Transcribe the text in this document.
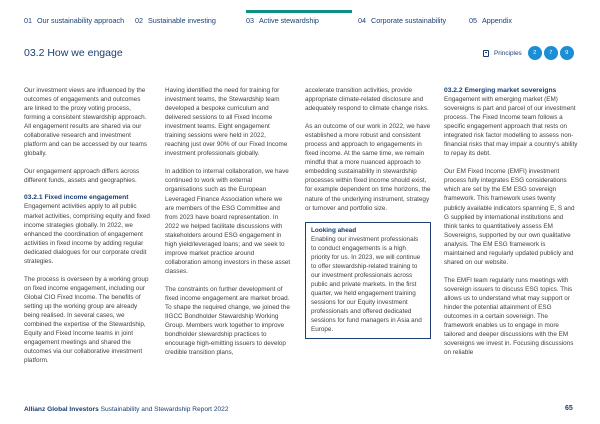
01 Our sustainability approach 02 Sustainable investing	03 Active stewardship	04 Corporate sustainability	05 Appendix
03.2 How we engage	Principles	2	7	9

Our investment views are influenced by the outcomes of engagements and outcomes are linked to the proxy voting process, forming a consistent stewardship approach. All engagement results are shared via our collaborative research and investment platform and can be accessed by our teams globally.

Our engagement approach differs across different funds, assets and geographies.

03.2.1 Fixed income engagement

Engagement activities apply to all public market activities, comprising equity and fixed income strategies globally. In 2022, we enhanced the coordination of engagement activities in fixed income by adding regular dedicated dialogues for our corporate credit strategies.

The process is overseen by a working group on fixed income engagement, including our Global CIO Fixed Income. The benefits of setting up the working group are already being realised. In several cases, we combined the expertise of the Stewardship, Equity and Fixed Income teams in joint engagement meetings and shared the outcomes via our collaborative investment platform.

Having identified the need for training for investment teams, the Stewardship team developed a bespoke curriculum and delivered sessions to all Fixed Income investment teams. Eight engagement training sessions were held in 2022, reaching just over 90% of our Fixed Income investment professionals globally.

In addition to internal collaboration, we have continued to work with external organisations such as the European Leveraged Finance Association where we are members of the ESG Committee and from 2023 have board representation. In 2022 we helped facilitate discussions with stakeholders around ESG engagement in high yield/leveraged loans; and we seek to improve market practice around collaboration among investors in these asset classes.

The constraints on further development of fixed income engagement are market broad. To shape the required change, we joined the IIGCC Bondholder Stewardship Working Group. Members work together to improve bondholder stewardship practices to encourage high-emitting issuers to develop credible transition plans,

accelerate transition activities, provide appropriate climate-related disclosure and adequately respond to climate change risks.

As an outcome of our work in 2022, we have established a more robust and consistent process and approach to engagements in fixed income. At the same time, we remain mindful that a more nuanced approach to embedding sustainability in stewardship processes within fixed income should exist, for example dependent on time horizons, the nature of the underlying instrument, strategy or turnover and portfolio size.

Looking ahead

Enabling our investment professionals to conduct engagements is a high priority for us. In 2023, we will continue to offer stewardship-related training to our investment professionals across public and private markets. In the first quarter, we held engagement training sessions for our Equity investment professionals and offered dedicated sessions for fund managers in Asia and Europe.

03.2.2 Emerging market sovereigns

Engagement with emerging market (EM) sovereigns is part and parcel of our investment process. The Fixed Income team follows a specific engagement approach that rests on integrated risk factor modelling to assess non-financial risks that may impair a country's ability to repay its debt.

Our EM Fixed Income (EMFI) investment process fully integrates ESG considerations which are set by the EM ESG sovereign framework. This framework uses twenty publicly available indicators spanning E, S and G supplied by international institutions and think tanks to quantitatively assess EM Sovereigns, supported by our own qualitative analysis. The EM ESG framework is maintained and regularly updated publicly and shared on our website.

The EMFI team regularly runs meetings with sovereign issuers to discuss ESG topics. This allows us to understand what may support or hinder the potential attainment of ESG outcomes in a certain sovereign. The framework enables us to engage in more tailored and deeper discussions with the EM sovereigns we invest in. Focusing discussions on reliable

Allianz Global Investors Sustainability and Stewardship Report 2022	65
